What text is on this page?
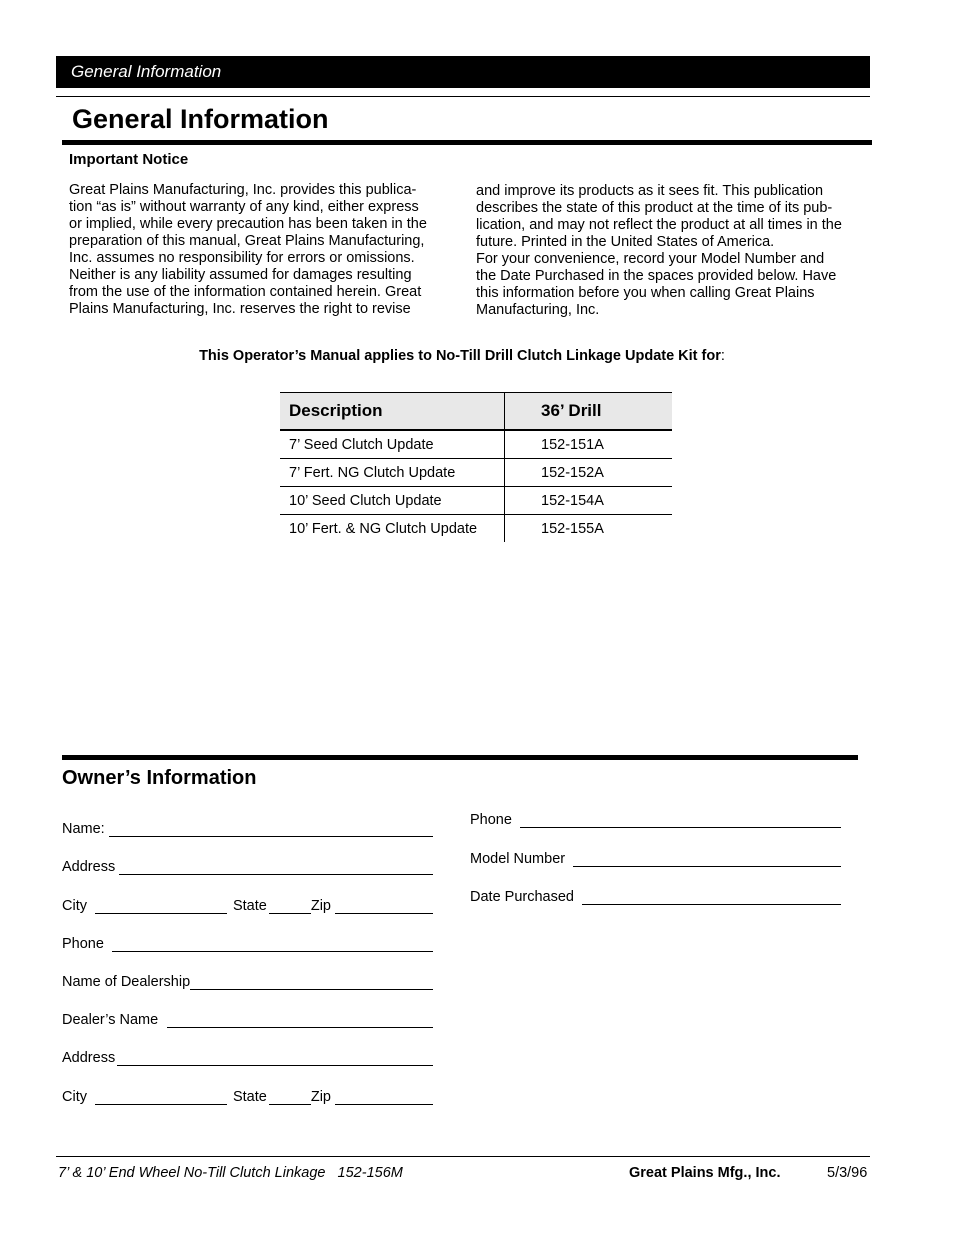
General Information
General Information
Important Notice

Great Plains Manufacturing, Inc. provides this publica-

tion “as is” without warranty of any kind, either express

or implied, while every precaution has been taken in the

preparation of this manual, Great Plains Manufacturing,

Inc. assumes no responsibility for errors or omissions.

Neither is any liability assumed for damages resulting

from the use of the information contained herein. Great

Plains Manufacturing, Inc. reserves the right to revise

and improve its products as it sees fit. This publication

describes the state of this product at the time of its pub-

lication, and may not reflect the product at all times in the

future. Printed in the United States of America.

For your convenience, record your Model Number and

the Date Purchased in the spaces provided below. Have

this information before you when calling Great Plains

Manufacturing, Inc.

This Operator’s Manual applies to No-Till Drill Clutch Linkage Update Kit for:
Description	36’ Drill
7’ Seed Clutch Update	152-151A
7’ Fert. NG Clutch Update	152-152A
10’ Seed Clutch Update	152-154A
10’ Fert. & NG Clutch Update	152-155A
Owner’s Information
Name:
Address
City	State	Zip
Phone
Name of Dealership
Dealer’s Name
Address
City	State	Zip
Phone
Model Number
Date Purchased
7’ & 10’ End Wheel No-Till Clutch Linkage   152-156M	Great Plains Mfg., Inc.	5/3/96
